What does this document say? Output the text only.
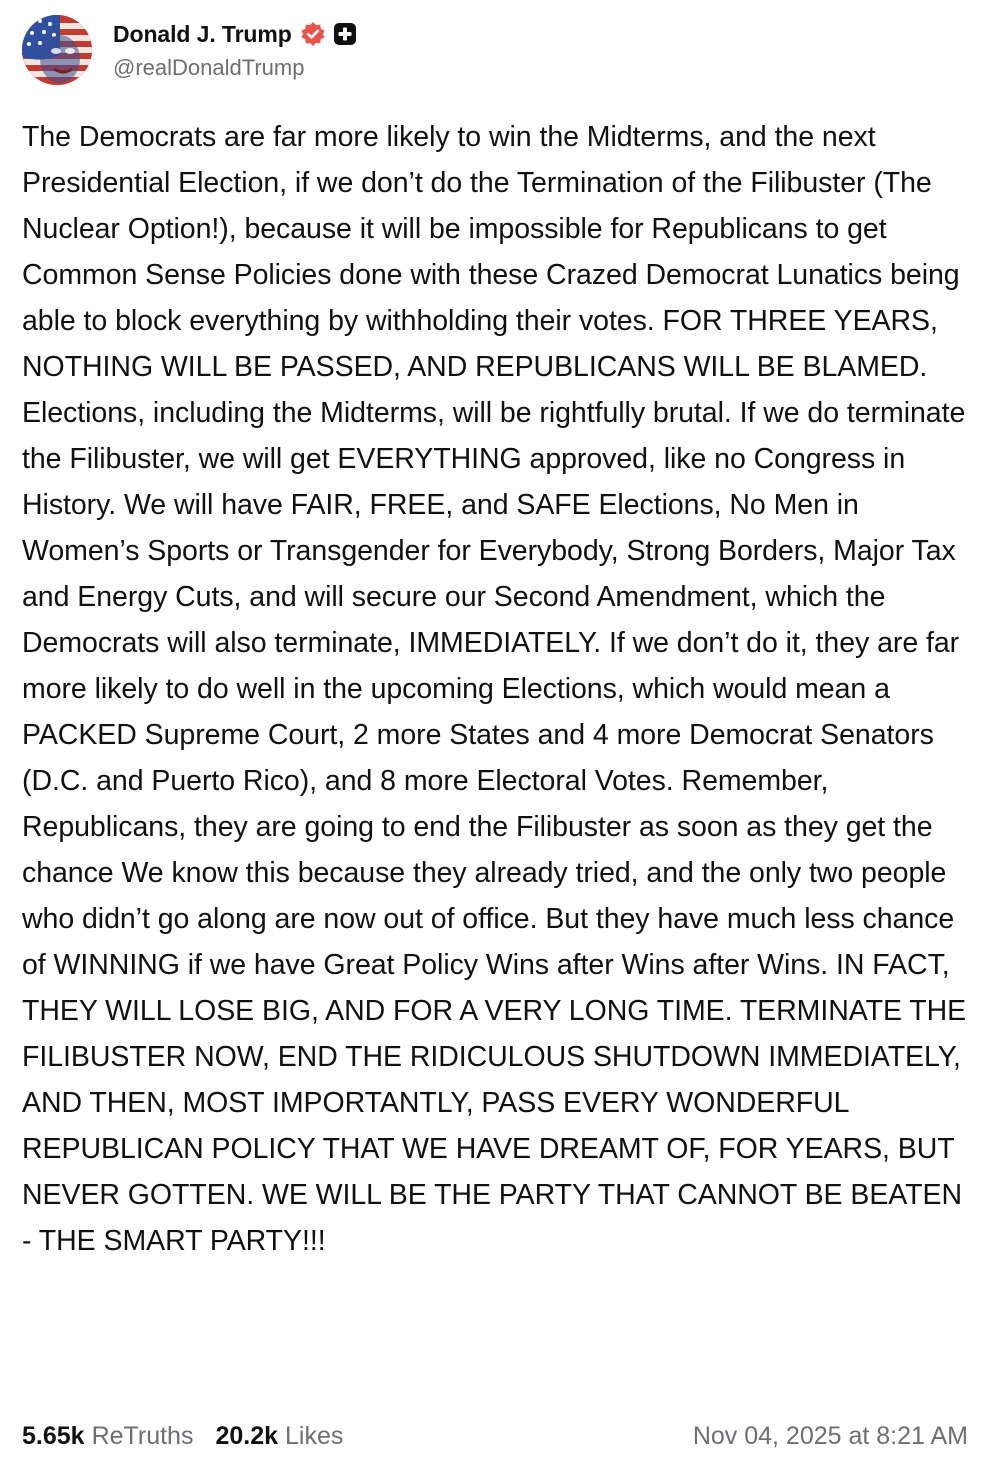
Donald J. Trump
@realDonaldTrump
The Democrats are far more likely to win the Midterms, and the next Presidential Election, if we don’t do the Termination of the Filibuster (The Nuclear Option!), because it will be impossible for Republicans to get Common Sense Policies done with these Crazed Democrat Lunatics being able to block everything by withholding their votes. FOR THREE YEARS, NOTHING WILL BE PASSED, AND REPUBLICANS WILL BE BLAMED.  Elections, including the Midterms, will be rightfully brutal. If we do terminate the Filibuster, we will get EVERYTHING approved, like no Congress in History. We will have FAIR, FREE, and SAFE Elections, No Men in Women’s Sports or Transgender for Everybody, Strong Borders, Major Tax and Energy Cuts, and will secure our Second Amendment, which the Democrats will also terminate, IMMEDIATELY. If we don’t do it, they are far more likely to do well in the upcoming Elections, which would mean a PACKED Supreme Court, 2 more States and 4 more Democrat Senators (D.C. and Puerto Rico), and 8 more Electoral Votes. Remember, Republicans, they are going to end the Filibuster as soon as they get the chance We know this because they already tried, and the only two people who didn’t go along are now out of office. But they have much less chance of WINNING if we have Great Policy Wins after Wins after Wins. IN FACT, THEY WILL LOSE BIG, AND FOR A VERY LONG TIME. TERMINATE THE FILIBUSTER NOW, END THE RIDICULOUS SHUTDOWN IMMEDIATELY, AND THEN, MOST IMPORTANTLY, PASS EVERY WONDERFUL REPUBLICAN POLICY THAT WE HAVE DREAMT OF, FOR YEARS, BUT NEVER GOTTEN. WE WILL BE THE PARTY THAT CANNOT BE BEATEN - THE SMART PARTY!!!
5.65k ReTruths 20.2k Likes	Nov 04, 2025 at 8:21 AM
